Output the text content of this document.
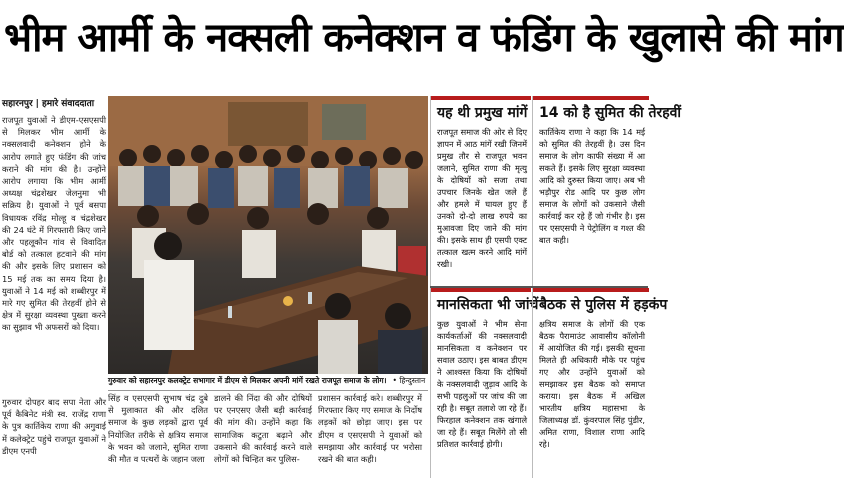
भीम आर्मी के नक्सली कनेक्शन व फंडिंग के खुलासे की मांग
सहारनपुर | हमारे संवाददाता
राजपूत युवाओं ने डीएम-एसएसपी से मिलकर भीम आर्मी के नक्सलवादी कनेक्शन होने के आरोप लगाते हुए फंडिंग की जांच कराने की मांग की है। उन्होंने आरोप लगाया कि भीम आर्मी अध्यक्ष चंद्रशेखर जेलनुमा भी सक्रिय है। युवाओं ने पूर्व बसपा विधायक रविंद्र मोल्हू व चंद्रशेखर की 24 घंटे में गिरफ्तारी किए जाने और पहलूकौन गांव से विवादित बोर्ड को तत्काल हटवाने की मांग की और इसके लिए प्रशासन को 15 मई तक का समय दिया है। युवाओं ने 14 मई को शब्बीरपुर में मारे गए सुमित की तेरहवीं होने से क्षेत्र में सुरक्षा व्यवस्था पुख्ता करने का सुझाव भी अफसरों को दिया।
गुरुवार दोपहर बाद सपा नेता और पूर्व कैबिनेट मंत्री स्व. राजेंद्र राणा के पुत्र कार्तिकेय राणा की अगुवाई में कलेक्ट्रेट पहुंचे राजपूत युवाओं ने डीएम एनपी
गुरुवार को सहारनपुर कलक्ट्रेट सभागार में डीएम से मिलकर अपनी मांगें रखते राजपूत समाज के लोग। • हिन्दुस्तान
सिंह व एसएसपी सुभाष चंद्र दुबे से मुलाकात की और दलित समाज के कुछ लड़कों द्वारा पूर्व नियोजित तरीके से क्षत्रिय समाज के भवन को जलाने, सुमित राणा की मौत व पत्थरों के जहान जला
डालने की निंदा की और दोषियों पर एनएसए जैसी बड़ी कार्रवाई की मांग की। उन्होंने कहा कि सामाजिक कटुता बढ़ाने और उकसाने की कार्रवाई करने वाले लोगों को चिन्हित कर पुलिस-
प्रशासन कार्रवाई करे। शब्बीरपुर में गिरफ्तार किए गए समाज के निर्दोष लड़कों को छोड़ा जाए। इस पर डीएम व एसएसपी ने युवाओं को समझाया और कार्रवाई पर भरोसा रखने की बात कही।
यह थी प्रमुख मांगें
राजपूत समाज की ओर से दिए ज्ञापन में आठ मांगें रखी जिनमें प्रमुख तौर से राजपूत भवन जलाने, सुमित राणा की मृत्यु के दोषियों को सजा तथा उपचार जिनके खेत जले हैं और हमले में घायल हुए हैं उनको दो-दो लाख रुपये का मुआवजा दिए जाने की मांग की। इसके साथ ही एसपी एक्ट तत्काल खत्म करने आदि मांगें रखी।
14 को है सुमित की तेरहवीं
कार्तिकेय राणा ने कहा कि 14 मई को सुमित की तेरहवीं है। उस दिन समाज के लोग काफी संख्या में आ सकते हैं। इसके लिए सुरक्षा व्यवस्था आदि को दुरुस्त किया जाए। अब भी भड़ौपुर रोड आदि पर कुछ लोग समाज के लोगों को उकसाने जैसी कार्रवाई कर रहे हैं जो गंभीर है। इस पर एसएसपी ने पेट्रोलिंग व गश्त की बात कही।
मानसिकता भी जांचें
कुछ युवाओं ने भीम सेना कार्यकर्ताओं की नक्सलवादी मानसिकता व कनेक्शन पर सवाल उठाए। इस बाबत डीएम ने आश्वस्त किया कि दोषियों के नक्सलवादी जुड़ाव आदि के सभी पहलुओं पर जांच की जा रही है। सबूत तलाशे जा रहे हैं। फिरहाल कनेक्शन तक खंगाले जा रहे हैं। सबूत मिलेंगे तो सी प्रतिशत कार्रवाई होगी।
बैठक से पुलिस में हड़कंप
क्षत्रिय समाज के लोगों की एक बैठक पैरामाउंट आवासीय कॉलोनी में आयोजित की गई। इसकी सूचना मिलते ही अधिकारी मौके पर पहुंच गए और उन्होंने युवाओं को समझाकर इस बैठक को समाप्त कराया। इस बैठक में अखिल भारतीय क्षत्रिय महासभा के जिलाध्यक्ष डॉ. कुंवरपाल सिंह पुंडीर, अमित राणा, विशाल राणा आदि रहे।
